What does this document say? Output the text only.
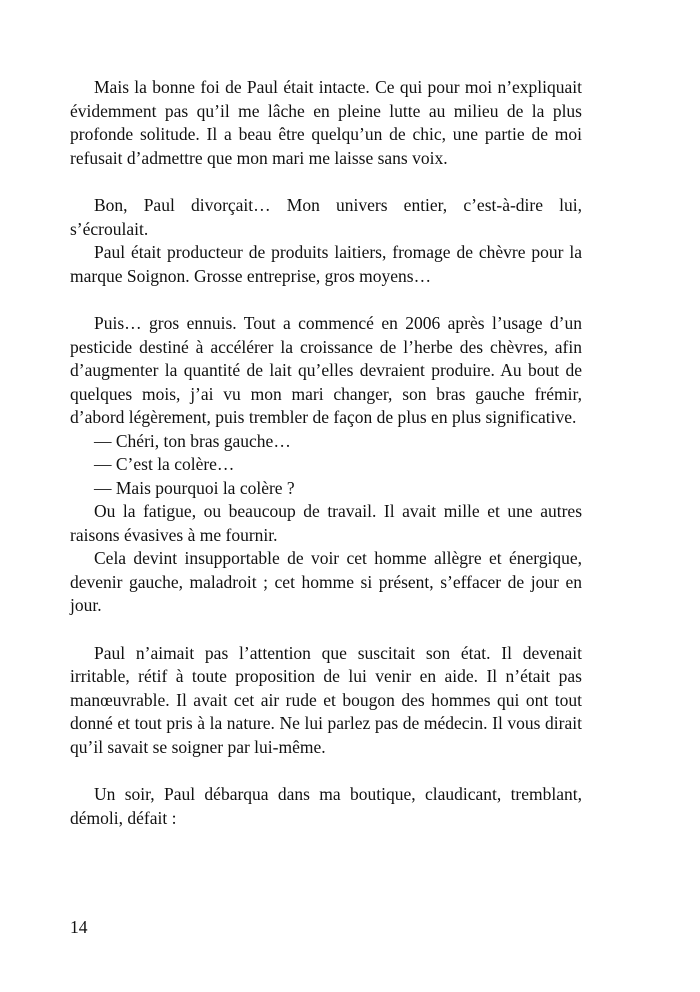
Mais la bonne foi de Paul était intacte. Ce qui pour moi n’expliquait évidemment pas qu’il me lâche en pleine lutte au milieu de la plus profonde solitude. Il a beau être quelqu’un de chic, une partie de moi refusait d’admettre que mon mari me laisse sans voix.

Bon, Paul divorçait… Mon univers entier, c’est-à-dire lui, s’écroulait.

Paul était producteur de produits laitiers, fromage de chèvre pour la marque Soignon. Grosse entreprise, gros moyens…

Puis… gros ennuis. Tout a commencé en 2006 après l’usage d’un pesticide destiné à accélérer la croissance de l’herbe des chèvres, afin d’augmenter la quantité de lait qu’elles devraient produire. Au bout de quelques mois, j’ai vu mon mari changer, son bras gauche frémir, d’abord légèrement, puis trembler de façon de plus en plus significative.

— Chéri, ton bras gauche…

— C’est la colère…

— Mais pourquoi la colère ?

Ou la fatigue, ou beaucoup de travail. Il avait mille et une autres raisons évasives à me fournir.

Cela devint insupportable de voir cet homme allègre et énergique, devenir gauche, maladroit ; cet homme si présent, s’effacer de jour en jour.

Paul n’aimait pas l’attention que suscitait son état. Il devenait irritable, rétif à toute proposition de lui venir en aide. Il n’était pas manœuvrable. Il avait cet air rude et bougon des hommes qui ont tout donné et tout pris à la nature. Ne lui parlez pas de médecin. Il vous dirait qu’il savait se soigner par lui-même.

Un soir, Paul débarqua dans ma boutique, claudicant, tremblant, démoli, défait :

14
